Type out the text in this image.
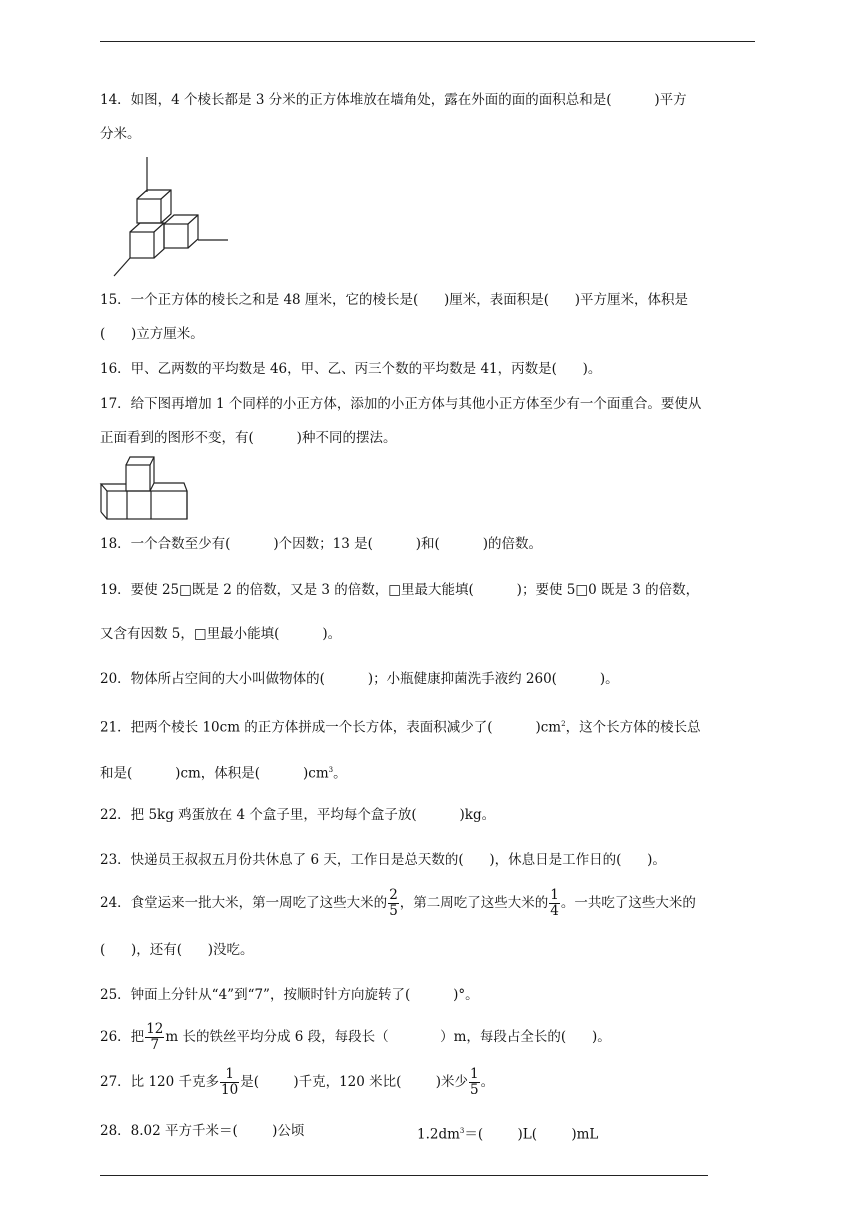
14．如图，4 个棱长都是 3 分米的正方体堆放在墙角处，露在外面的面的面积总和是(          )平方
分米。
15．一个正方体的棱长之和是 48 厘米，它的棱长是(      )厘米，表面积是(      )平方厘米，体积是
(      )立方厘米。
16．甲、乙两数的平均数是 46，甲、乙、丙三个数的平均数是 41，丙数是(      )。
17．给下图再增加 1 个同样的小正方体，添加的小正方体与其他小正方体至少有一个面重合。要使从
正面看到的图形不变，有(          )种不同的摆法。
18．一个合数至少有(          )个因数；13 是(          )和(          )的倍数。
19．要使 25□既是 2 的倍数，又是 3 的倍数，□里最大能填(          )；要使 5□0 既是 3 的倍数，
又含有因数 5，□里最小能填(          )。
20．物体所占空间的大小叫做物体的(          )；小瓶健康抑菌洗手液约 260(          )。
21．把两个棱长 10cm 的正方体拼成一个长方体，表面积减少了(          )$cm^2$，这个长方体的棱长总
和是(          )cm，体积是(          )$cm^3$。
22．把 5kg 鸡蛋放在 4 个盒子里，平均每个盒子放(          )kg。
23．快递员王叔叔五月份共休息了 6 天，工作日是总天数的(      )，休息日是工作日的(      )。
24．食堂运来一批大米，第一周吃了这些大米的 $\frac{2}{5}$ ，第二周吃了这些大米的 $\frac{1}{4}$ 。一共吃了这些大米的
(      )，还有(      )没吃。
25．钟面上分针从“4”到“7”，按顺时针方向旋转了(          )°。
26．把 $\frac{12}{7}$ m 长的铁丝平均分成 6 段，每段长（            ）m，每段占全长的(      )。
27．比 120 千克多 $\frac{1}{10}$ 是(        )千克，120 米比(        )米少 $\frac{1}{5}$ 。
28．8.02 平方千米＝(        )公顷	$1.2dm^3=$(        )L(        )mL
